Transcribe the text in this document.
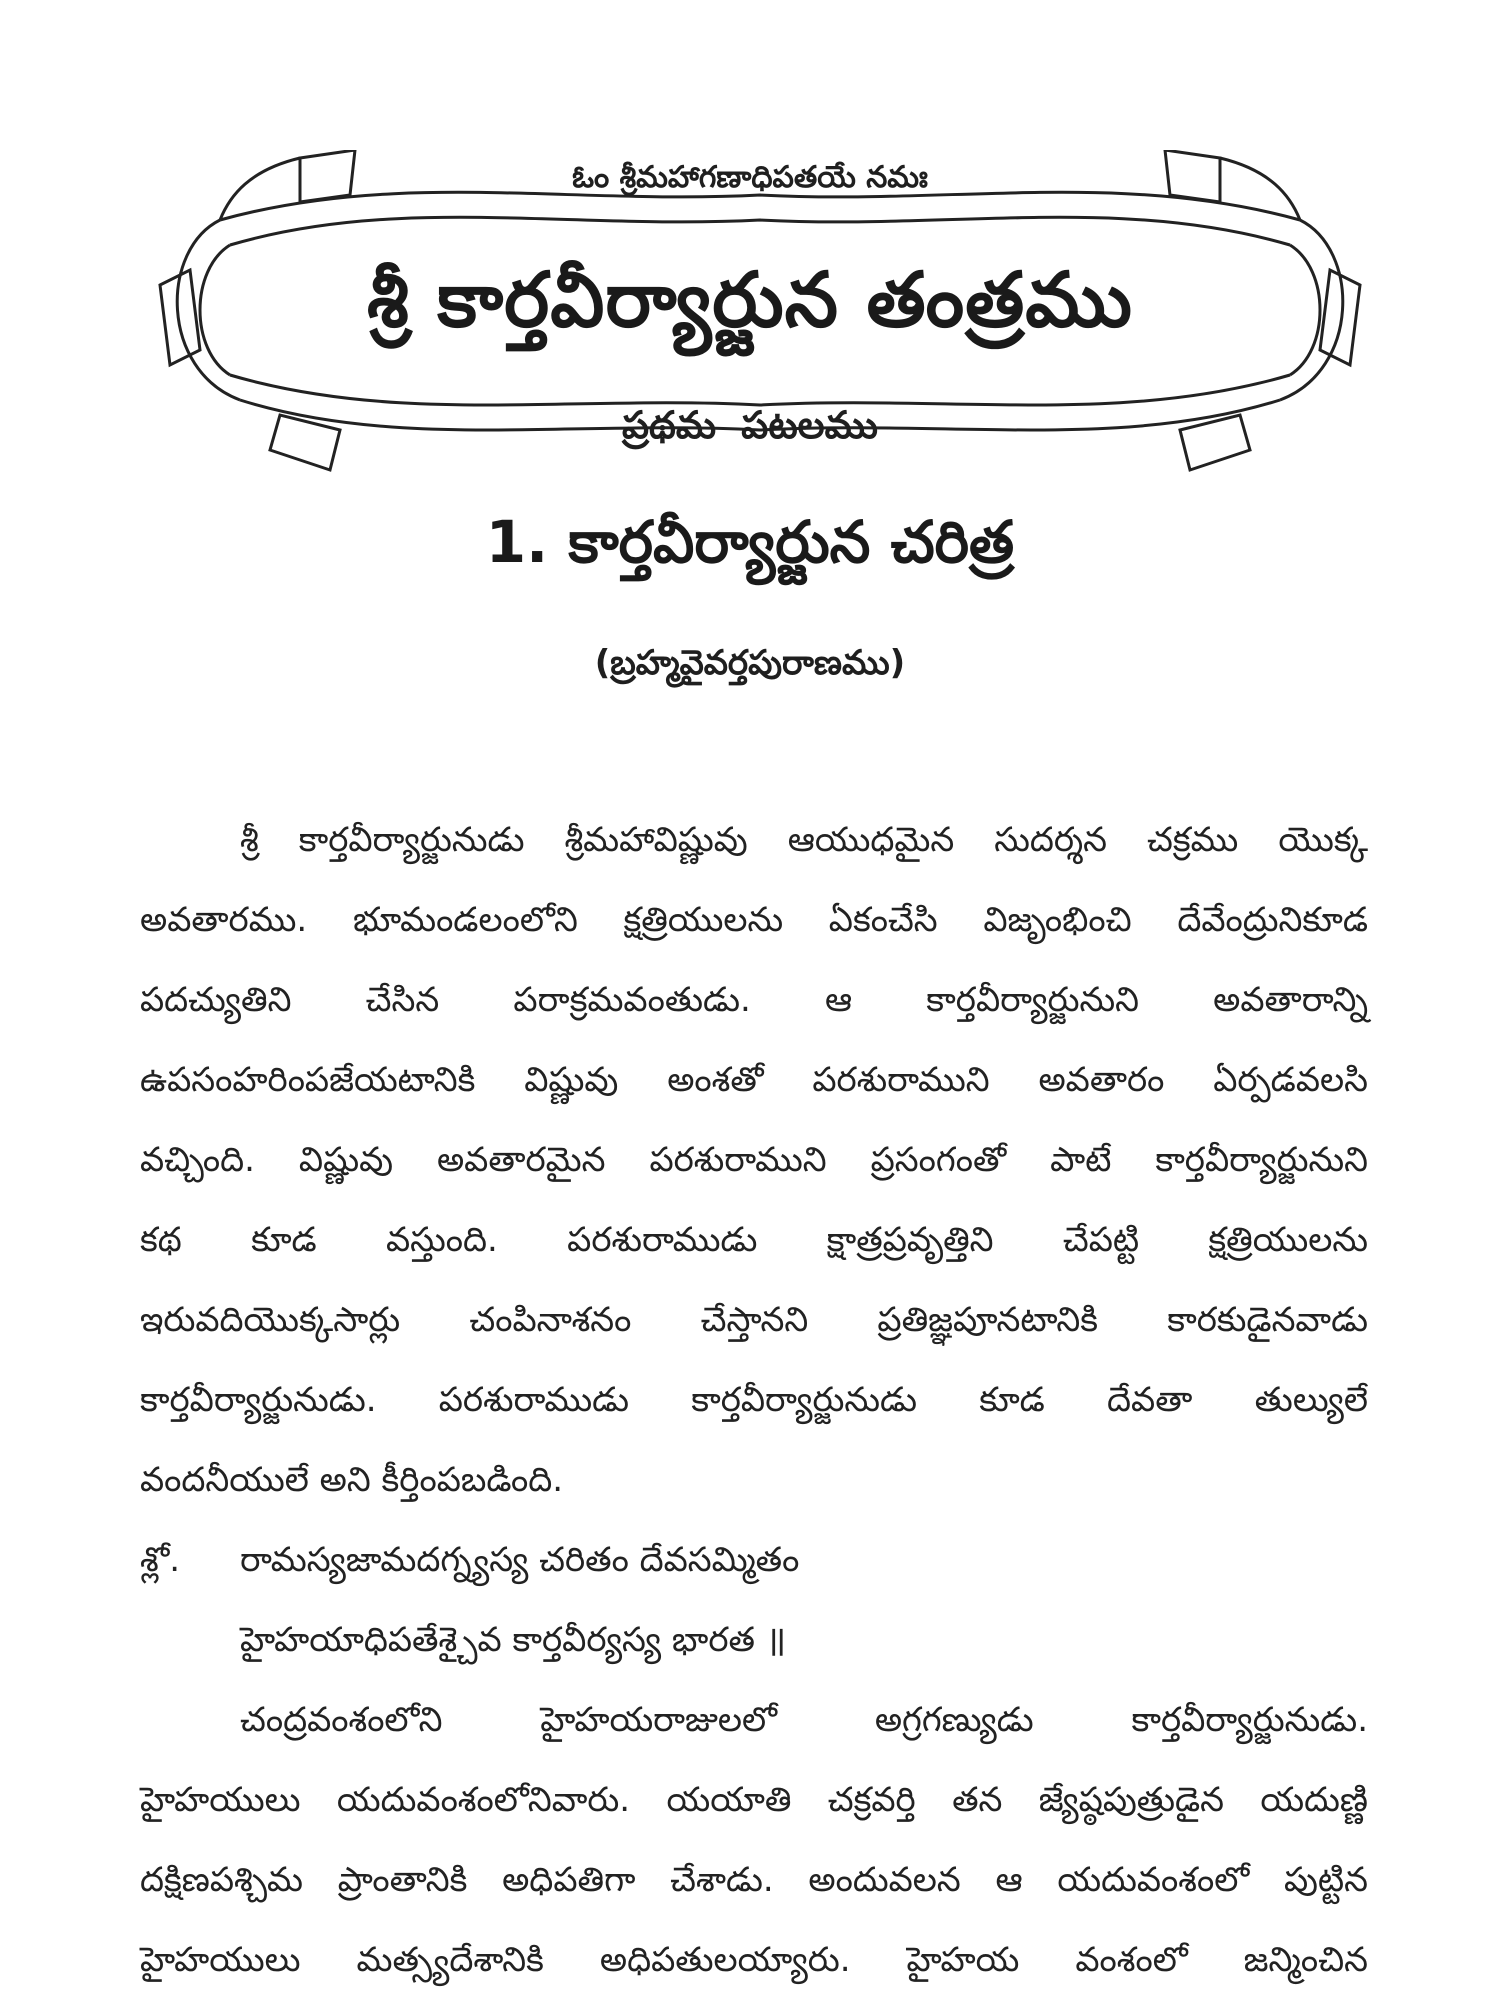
ఓం శ్రీమహాగణాధిపతయే నమః
శ్రీ కార్తవీర్యార్జున తంత్రము
ప్రథమ పటలము
1. కార్తవీర్యార్జున చరిత్ర
(బ్రహ్మవైవర్తపురాణము)
శ్రీ కార్తవీర్యార్జునుడు శ్రీమహావిష్ణువు ఆయుధమైన సుదర్శన చక్రము యొక్క
అవతారము. భూమండలంలోని క్షత్రియులను ఏకంచేసి విజృంభించి దేవేంద్రునికూడ
పదచ్యుతిని చేసిన పరాక్రమవంతుడు. ఆ కార్తవీర్యార్జునుని అవతారాన్ని
ఉపసంహరింపజేయటానికి విష్ణువు అంశతో పరశురాముని అవతారం ఏర్పడవలసి
వచ్చింది. విష్ణువు అవతారమైన పరశురాముని ప్రసంగంతో పాటే కార్తవీర్యార్జునుని
కథ కూడ వస్తుంది. పరశురాముడు క్షాత్రప్రవృత్తిని చేపట్టి క్షత్రియులను
ఇరువదియొక్కసార్లు చంపినాశనం చేస్తానని ప్రతిజ్ఞపూనటానికి కారకుడైనవాడు
కార్తవీర్యార్జునుడు. పరశురాముడు కార్తవీర్యార్జునుడు కూడ దేవతా తుల్యులే
వందనీయులే అని కీర్తింపబడింది.
శ్లో. రామస్యజామదగ్న్యస్య చరితం దేవసమ్మితం
హైహయాధిపతేశ్చైవ కార్తవీర్యస్య భారత ॥
చంద్రవంశంలోని హైహయరాజులలో అగ్రగణ్యుడు కార్తవీర్యార్జునుడు.
హైహయులు యదువంశంలోనివారు. యయాతి చక్రవర్తి తన జ్యేష్ఠపుత్రుడైన యదుణ్ణి
దక్షిణపశ్చిమ ప్రాంతానికి అధిపతిగా చేశాడు. అందువలన ఆ యదువంశంలో పుట్టిన
హైహయులు మత్స్యదేశానికి అధిపతులయ్యారు. హైహయ వంశంలో జన్మించిన
